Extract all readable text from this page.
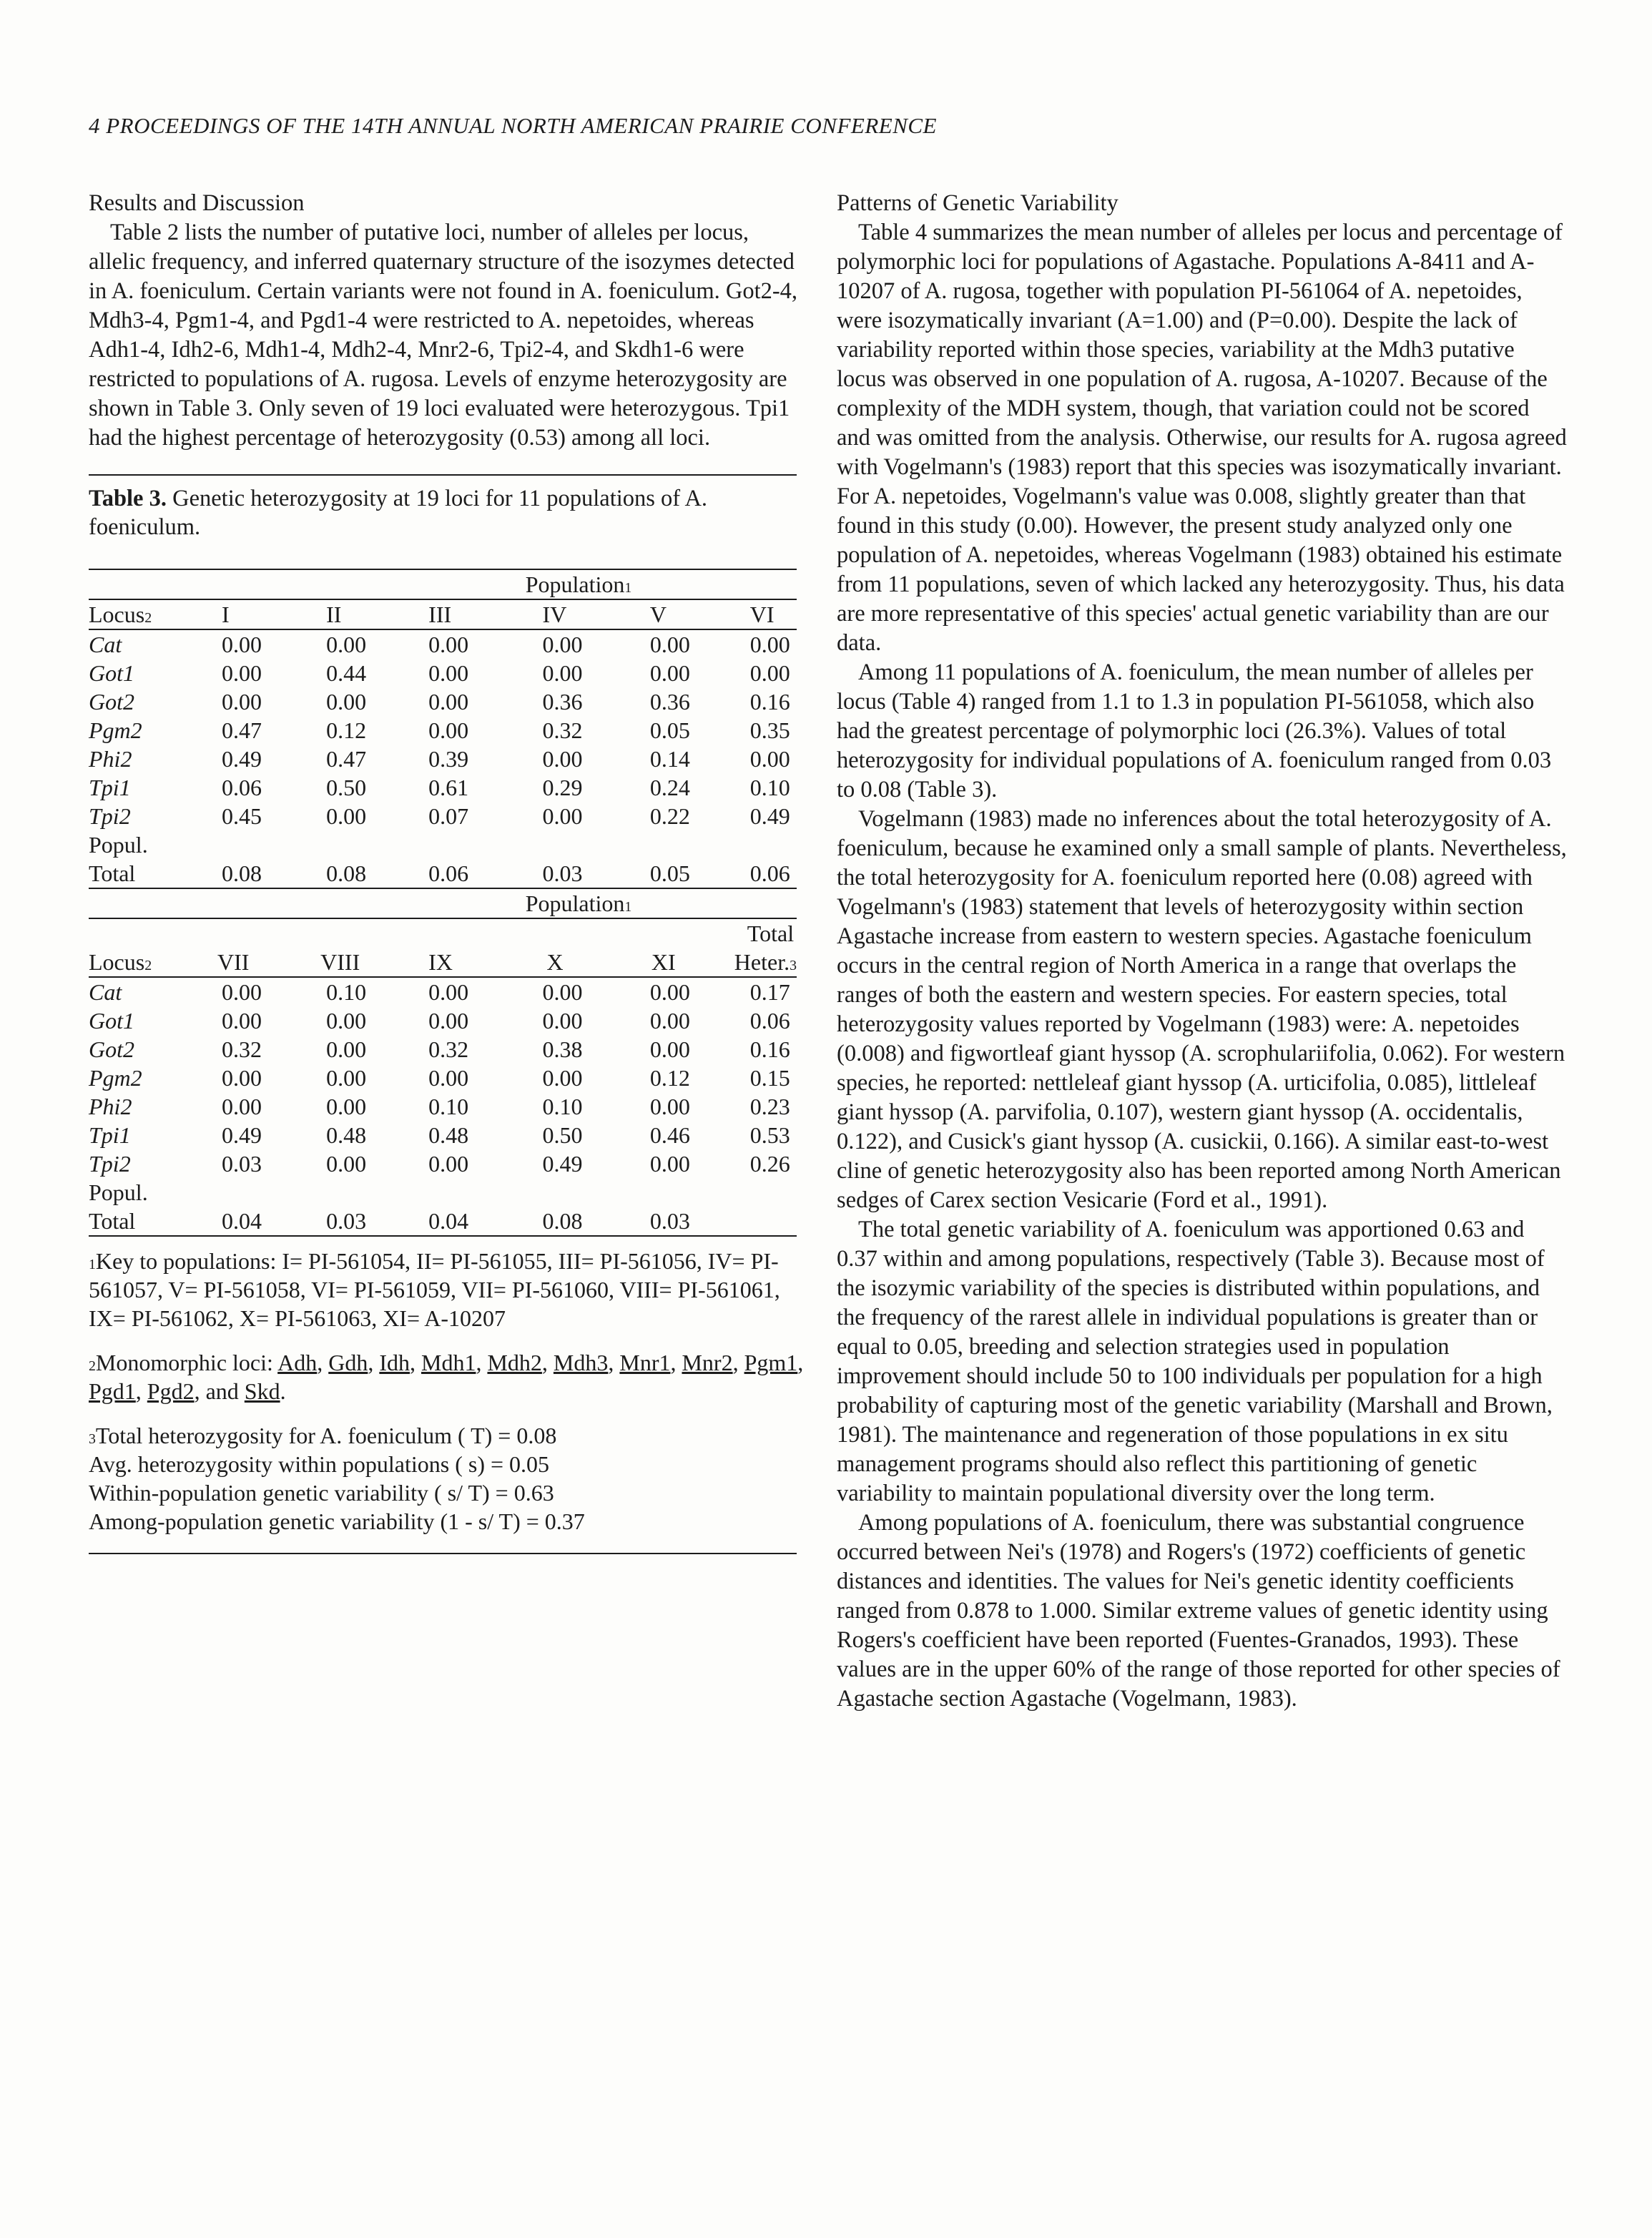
4 PROCEEDINGS OF THE 14TH ANNUAL NORTH AMERICAN PRAIRIE CONFERENCE

Results and Discussion

Table 2 lists the number of putative loci, number of alleles per locus, allelic frequency, and inferred quaternary structure of the isozymes detected in A. foeniculum. Certain variants were not found in A. foeniculum. Got2-4, Mdh3-4, Pgm1-4, and Pgd1-4 were restricted to A. nepetoides, whereas Adh1-4, Idh2-6, Mdh1-4, Mdh2-4, Mnr2-6, Tpi2-4, and Skdh1-6 were restricted to populations of A. rugosa. Levels of enzyme heterozygosity are shown in Table 3. Only seven of 19 loci evaluated were heterozygous. Tpi1 had the highest percentage of heterozygosity (0.53) among all loci.

Table 3. Genetic heterozygosity at 19 loci for 11 populations of A. foeniculum.

Population$^1$

Locus$^2$	I	II	III	IV	V	VI

Cat	0.00	0.00	0.00	0.00	0.00	0.00
Got1	0.00	0.44	0.00	0.00	0.00	0.00
Got2	0.00	0.00	0.00	0.36	0.36	0.16
Pgm2	0.47	0.12	0.00	0.32	0.05	0.35
Phi2	0.49	0.47	0.39	0.00	0.14	0.00
Tpi1	0.06	0.50	0.61	0.29	0.24	0.10
Tpi2	0.45	0.00	0.07	0.00	0.22	0.49
Popul.						
Total	0.08	0.08	0.06	0.03	0.05	0.06

Population$^1$

						Total
Locus$^2$	VII	VIII	IX	X	XI	Heter.$^3$

Cat	0.00	0.10	0.00	0.00	0.00	0.17
Got1	0.00	0.00	0.00	0.00	0.00	0.06
Got2	0.32	0.00	0.32	0.38	0.00	0.16
Pgm2	0.00	0.00	0.00	0.00	0.12	0.15
Phi2	0.00	0.00	0.10	0.10	0.00	0.23
Tpi1	0.49	0.48	0.48	0.50	0.46	0.53
Tpi2	0.03	0.00	0.00	0.49	0.00	0.26
Popul.						
Total	0.04	0.03	0.04	0.08	0.03	

$^1$Key to populations: I= PI-561054, II= PI-561055, III= PI-561056, IV= PI-561057, V= PI-561058, VI= PI-561059, VII= PI-561060, VIII= PI-561061, IX= PI-561062, X= PI-561063, XI= A-10207

$^2$Monomorphic loci: Adh, Gdh, Idh, Mdh1, Mdh2, Mdh3, Mnr1, Mnr2, Pgm1, Pgd1, Pgd2, and Skd.

$^3$Total heterozygosity for A. foeniculum ( T) = 0.08
Avg. heterozygosity within populations ( s) = 0.05
Within-population genetic variability ( s/ T) = 0.63
Among-population genetic variability (1 - s/ T) = 0.37

Patterns of Genetic Variability

Table 4 summarizes the mean number of alleles per locus and percentage of polymorphic loci for populations of Agastache. Populations A-8411 and A-10207 of A. rugosa, together with population PI-561064 of A. nepetoides, were isozymatically invariant (A=1.00) and (P=0.00). Despite the lack of variability reported within those species, variability at the Mdh3 putative locus was observed in one population of A. rugosa, A-10207. Because of the complexity of the MDH system, though, that variation could not be scored and was omitted from the analysis. Otherwise, our results for A. rugosa agreed with Vogelmann's (1983) report that this species was isozymatically invariant. For A. nepetoides, Vogelmann's value was 0.008, slightly greater than that found in this study (0.00). However, the present study analyzed only one population of A. nepetoides, whereas Vogelmann (1983) obtained his estimate from 11 populations, seven of which lacked any heterozygosity. Thus, his data are more representative of this species' actual genetic variability than are our data.

Among 11 populations of A. foeniculum, the mean number of alleles per locus (Table 4) ranged from 1.1 to 1.3 in population PI-561058, which also had the greatest percentage of polymorphic loci (26.3%). Values of total heterozygosity for individual populations of A. foeniculum ranged from 0.03 to 0.08 (Table 3).

Vogelmann (1983) made no inferences about the total heterozygosity of A. foeniculum, because he examined only a small sample of plants. Nevertheless, the total heterozygosity for A. foeniculum reported here (0.08) agreed with Vogelmann's (1983) statement that levels of heterozygosity within section Agastache increase from eastern to western species. Agastache foeniculum occurs in the central region of North America in a range that overlaps the ranges of both the eastern and western species. For eastern species, total heterozygosity values reported by Vogelmann (1983) were: A. nepetoides (0.008) and figwortleaf giant hyssop (A. scrophulariifolia, 0.062). For western species, he reported: nettleleaf giant hyssop (A. urticifolia, 0.085), littleleaf giant hyssop (A. parvifolia, 0.107), western giant hyssop (A. occidentalis, 0.122), and Cusick's giant hyssop (A. cusickii, 0.166). A similar east-to-west cline of genetic heterozygosity also has been reported among North American sedges of Carex section Vesicarie (Ford et al., 1991).

The total genetic variability of A. foeniculum was apportioned 0.63 and 0.37 within and among populations, respectively (Table 3). Because most of the isozymic variability of the species is distributed within populations, and the frequency of the rarest allele in individual populations is greater than or equal to 0.05, breeding and selection strategies used in population improvement should include 50 to 100 individuals per population for a high probability of capturing most of the genetic variability (Marshall and Brown, 1981). The maintenance and regeneration of those populations in ex situ management programs should also reflect this partitioning of genetic variability to maintain populational diversity over the long term.

Among populations of A. foeniculum, there was substantial congruence occurred between Nei's (1978) and Rogers's (1972) coefficients of genetic distances and identities. The values for Nei's genetic identity coefficients ranged from 0.878 to 1.000. Similar extreme values of genetic identity using Rogers's coefficient have been reported (Fuentes-Granados, 1993). These values are in the upper 60% of the range of those reported for other species of Agastache section Agastache (Vogelmann, 1983).
